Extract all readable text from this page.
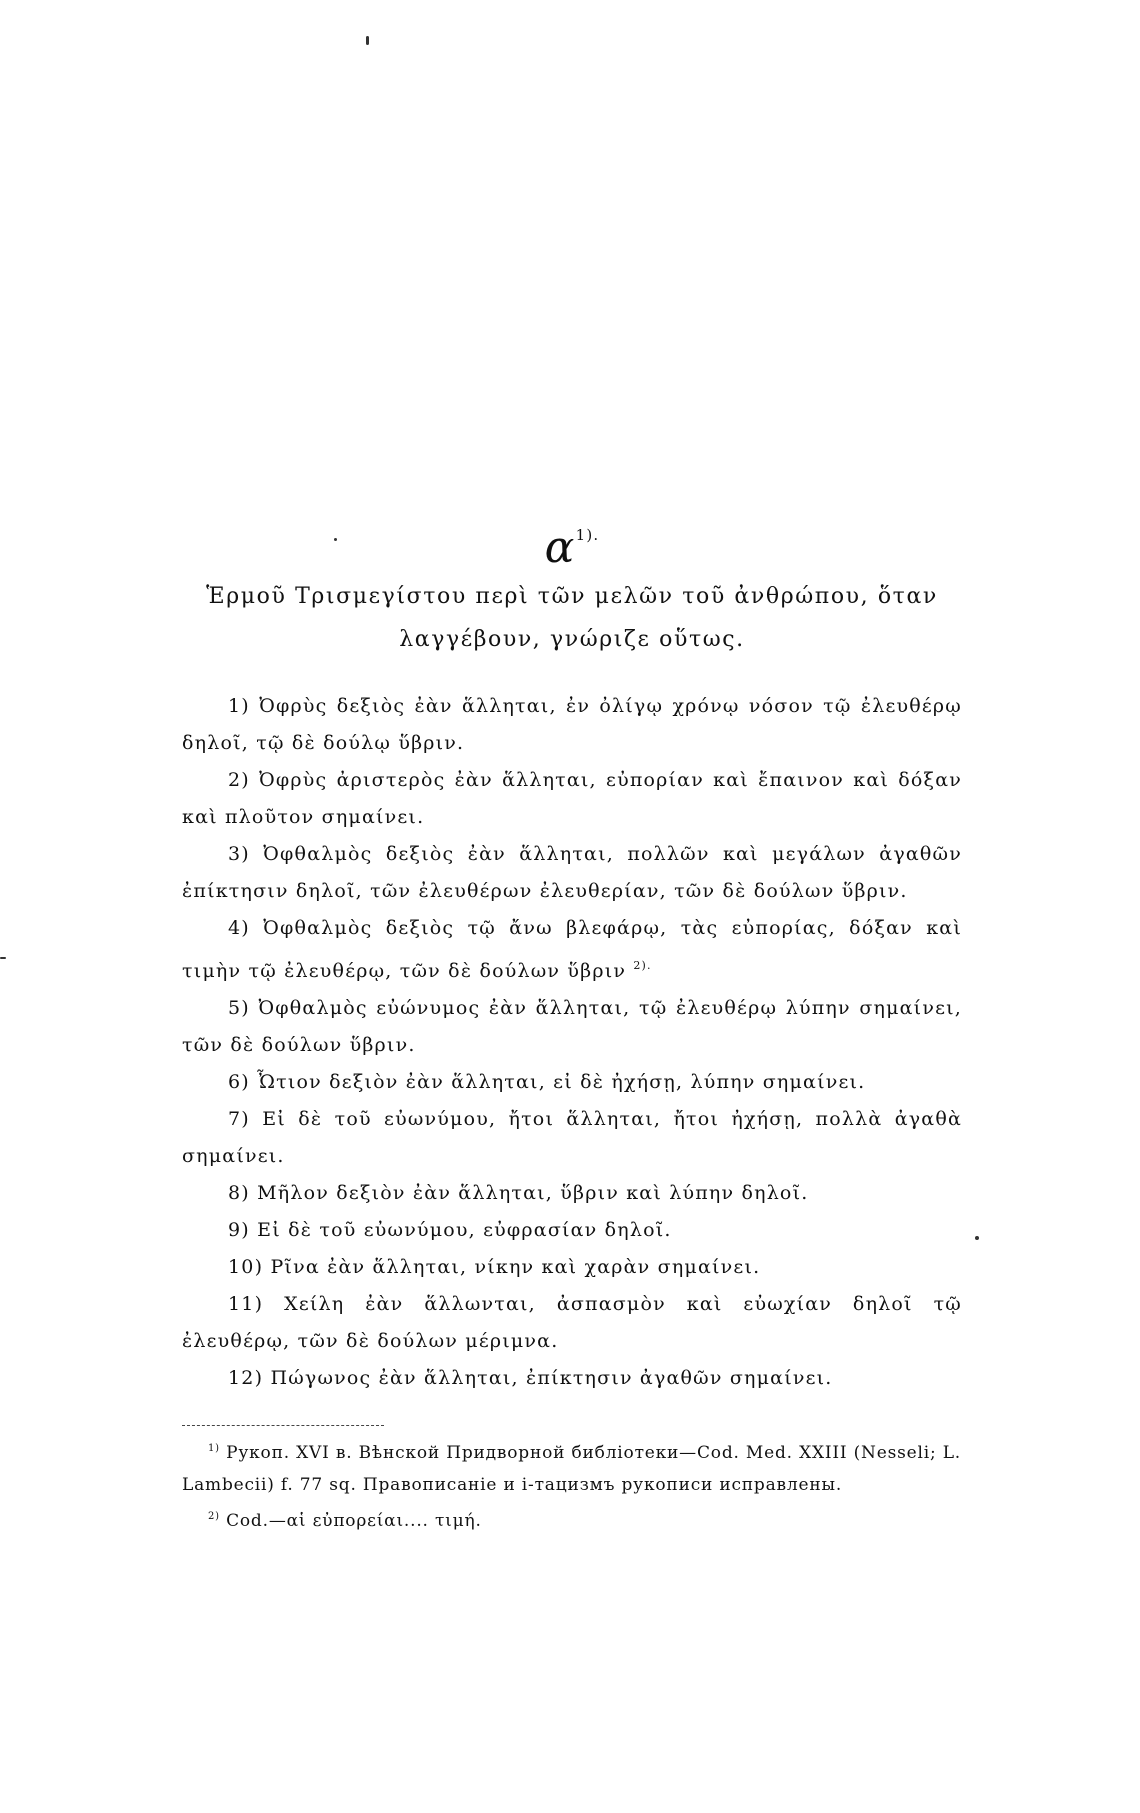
$\alpha^{1).}$
Ἑρμοῦ Τρισμεγίστου περὶ τῶν μελῶν τοῦ ἀνθρώπου, ὅταν
λαγγέβουν, γνώριζε οὕτως.

1) Ὀφρὺς δεξιὸς ἐὰν ἅλληται, ἐν ὀλίγῳ χρόνῳ νόσον τῷ ἐλευθέρῳ δηλοῖ, τῷ δὲ δούλῳ ὕβριν.

2) Ὀφρὺς ἀριστερὸς ἐὰν ἅλληται, εὐπορίαν καὶ ἔπαινον καὶ δόξαν καὶ πλοῦτον σημαίνει.

3) Ὀφθαλμὸς δεξιὸς ἐὰν ἅλληται, πολλῶν καὶ μεγάλων ἀγαθῶν ἐπίκτησιν δηλοῖ, τῶν ἐλευθέρων ἐλευθερίαν, τῶν δὲ δούλων ὕβριν.

4) Ὀφθαλμὸς δεξιὸς τῷ ἄνω βλεφάρῳ, τὰς εὐπορίας, δόξαν καὶ τιμὴν τῷ ἐλευθέρῳ, τῶν δὲ δούλων ὕβριν $^{2).}$

5) Ὀφθαλμὸς εὐώνυμος ἐὰν ἅλληται, τῷ ἐλευθέρῳ λύπην σημαίνει, τῶν δὲ δούλων ὕβριν.

6) Ὦτιον δεξιὸν ἐὰν ἅλληται, εἰ δὲ ἠχήσῃ, λύπην σημαίνει.

7) Εἰ δὲ τοῦ εὐωνύμου, ἤτοι ἅλληται, ἤτοι ἠχήσῃ, πολλὰ ἀγαθὰ σημαίνει.

8) Μῆλον δεξιὸν ἐὰν ἅλληται, ὕβριν καὶ λύπην δηλοῖ.

9) Εἰ δὲ τοῦ εὐωνύμου, εὐφρασίαν δηλοῖ.

10) Ρῖνα ἐὰν ἅλληται, νίκην καὶ χαρὰν σημαίνει.

11) Χείλη ἐὰν ἅλλωνται, ἀσπασμὸν καὶ εὐωχίαν δηλοῖ τῷ ἐλευθέρῳ, τῶν δὲ δούλων μέριμνα.

12) Πώγωνος ἐὰν ἅλληται, ἐπίκτησιν ἀγαθῶν σημαίνει.

$^{1)}$ Рукоп. XVI в. Вѣнской Придворной библіотеки—Cod. Med. XXIII (Nesseli; L. Lambecii) f. 77 sq. Правописаніе и і-тацизмъ рукописи исправлены.

$^{2)}$ Cod.—αἱ εὐπορείαι.... τιμή.
